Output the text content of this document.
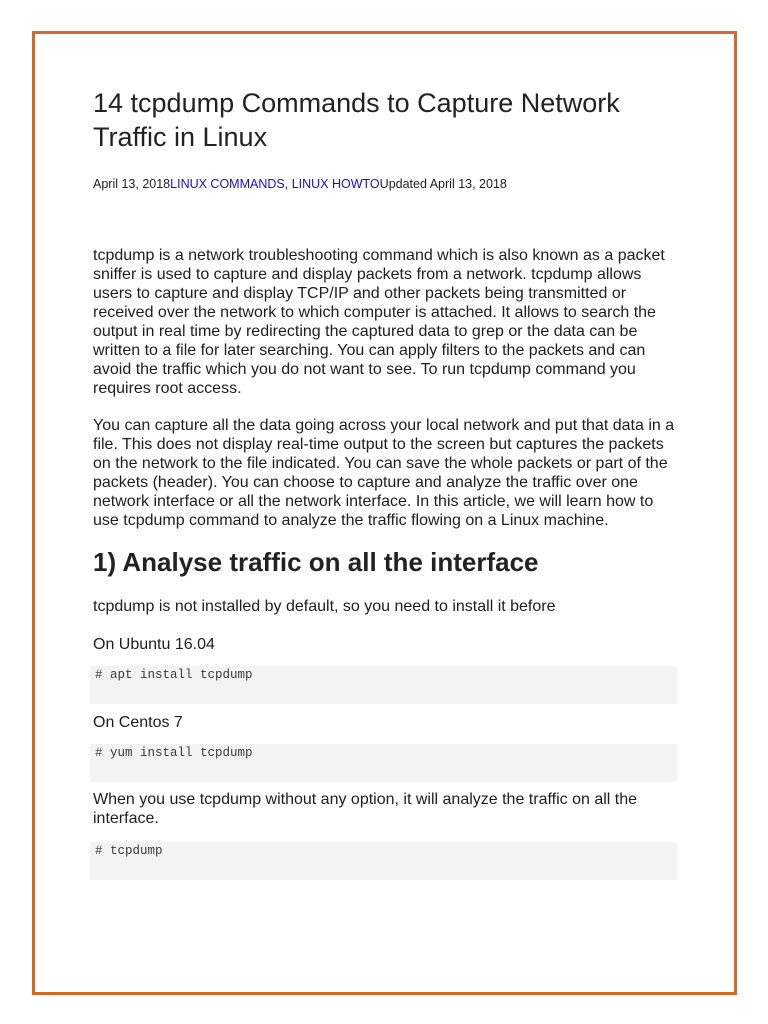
14 tcpdump Commands to Capture Network Traffic in Linux
April 13, 2018LINUX COMMANDS, LINUX HOWTOUpdated April 13, 2018

tcpdump is a network troubleshooting command which is also known as a packet sniffer is used to capture and display packets from a network. tcpdump allows users to capture and display TCP/IP and other packets being transmitted or received over the network to which computer is attached. It allows to search the output in real time by redirecting the captured data to grep or the data can be written to a file for later searching. You can apply filters to the packets and can avoid the traffic which you do not want to see. To run tcpdump command you requires root access.

You can capture all the data going across your local network and put that data in a file. This does not display real-time output to the screen but captures the packets on the network to the file indicated. You can save the whole packets or part of the packets (header). You can choose to capture and analyze the traffic over one network interface or all the network interface. In this article, we will learn how to use tcpdump command to analyze the traffic flowing on a Linux machine.

1) Analyse traffic on all the interface

tcpdump is not installed by default, so you need to install it before

On Ubuntu 16.04

# apt install tcpdump

On Centos 7

# yum install tcpdump

When you use tcpdump without any option, it will analyze the traffic on all the interface.

# tcpdump
